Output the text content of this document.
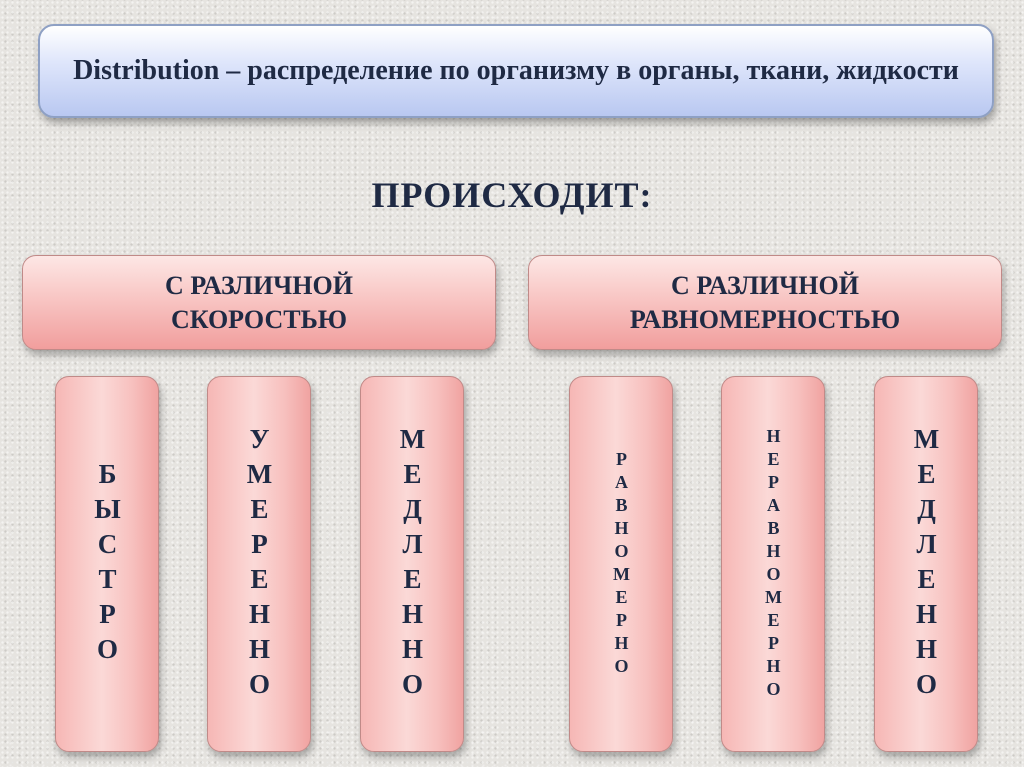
Distribution – распределение по организму в органы, ткани, жидкости
ПРОИСХОДИТ:
С РАЗЛИЧНОЙ СКОРОСТЬЮ
С РАЗЛИЧНОЙ РАВНОМЕРНОСТЬЮ
БЫСТРО	УМЕРЕННО	МЕДЛЕННО	РАВНОМЕРНО	НЕРАВНОМЕРНО	МЕДЛЕННО
